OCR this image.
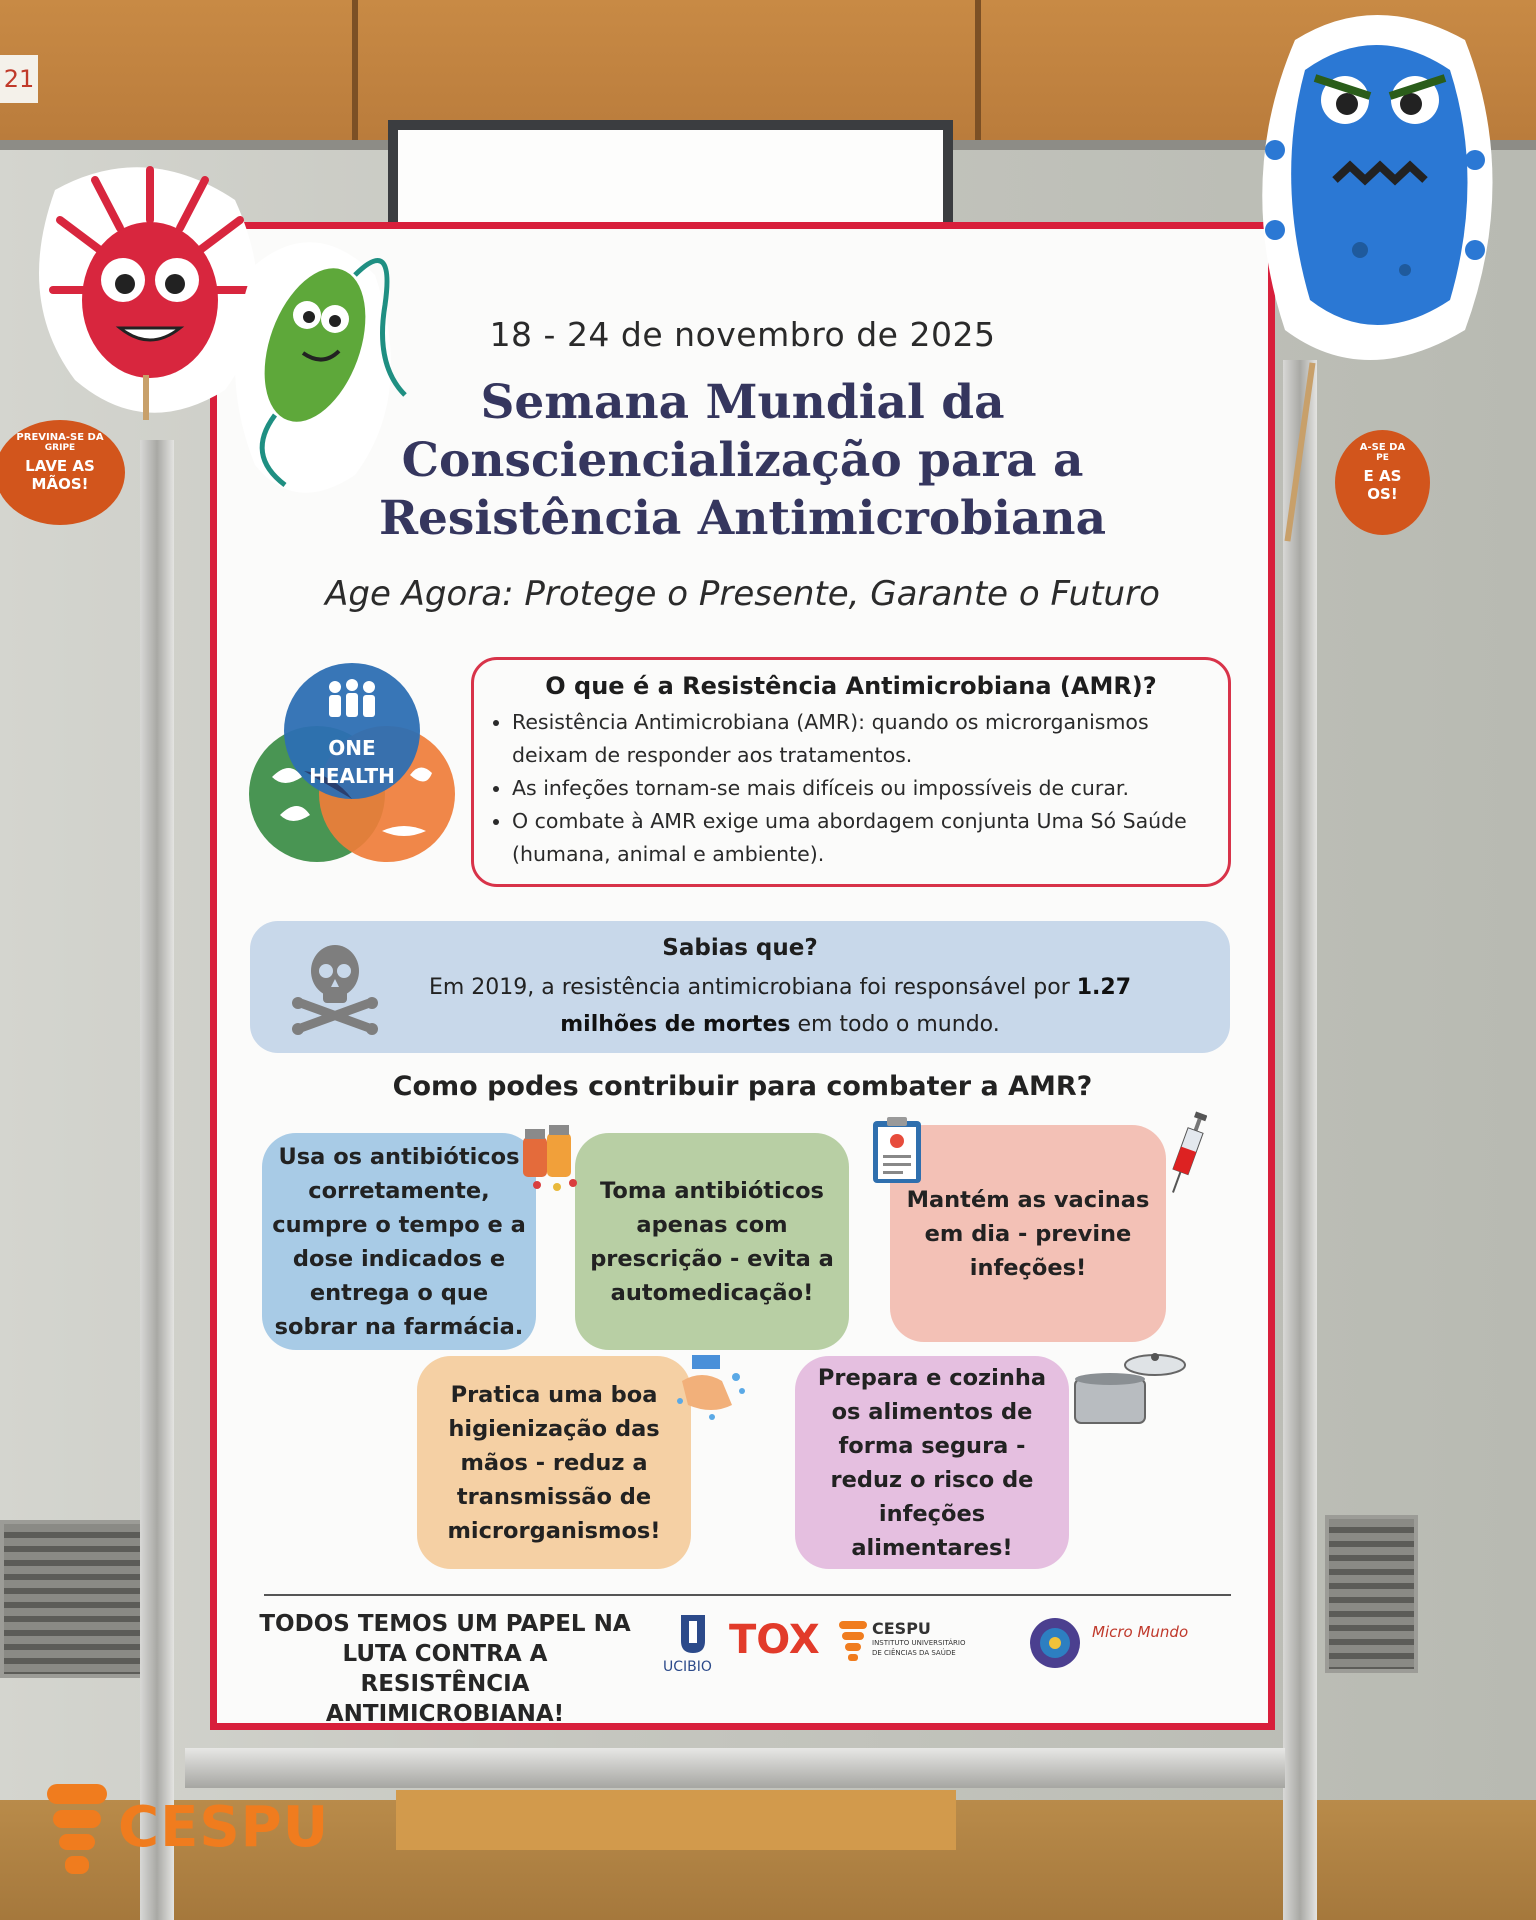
21
18 - 24 de novembro de 2025
Semana Mundial da
Consciencialização para a
Resistência Antimicrobiana
Age Agora: Protege o Presente, Garante o Futuro
ONE
HEALTH
O que é a Resistência Antimicrobiana (AMR)?
• Resistência Antimicrobiana (AMR): quando os microrganismos deixam de responder aos tratamentos.
• As infeções tornam-se mais difíceis ou impossíveis de curar.
• O combate à AMR exige uma abordagem conjunta Uma Só Saúde (humana, animal e ambiente).
Sabias que?

Em 2019, a resistência antimicrobiana foi responsável por 1.27 milhões de mortes em todo o mundo.

Como podes contribuir para combater a AMR?
Usa os antibióticos corretamente, cumpre o tempo e a dose indicados e entrega o que sobrar na farmácia.
Toma antibióticos apenas com prescrição - evita a automedicação!
Mantém as vacinas em dia - previne infeções!
Pratica uma boa higienização das mãos - reduz a transmissão de microrganismos!
Prepara e cozinha os alimentos de forma segura - reduz o risco de infeções alimentares!
TODOS TEMOS UM PAPEL NA LUTA CONTRA A RESISTÊNCIA ANTIMICROBIANA!
UCIBIO
TOX	CESPU
INSTITUTO UNIVERSITÁRIO
DE CIÊNCIAS DA SAÚDE
Micro Mundo
PREVINA-SE DA
GRIPE
LAVE AS
MÃOS!
A-SE DA
PE
E AS
OS!
CESPU
